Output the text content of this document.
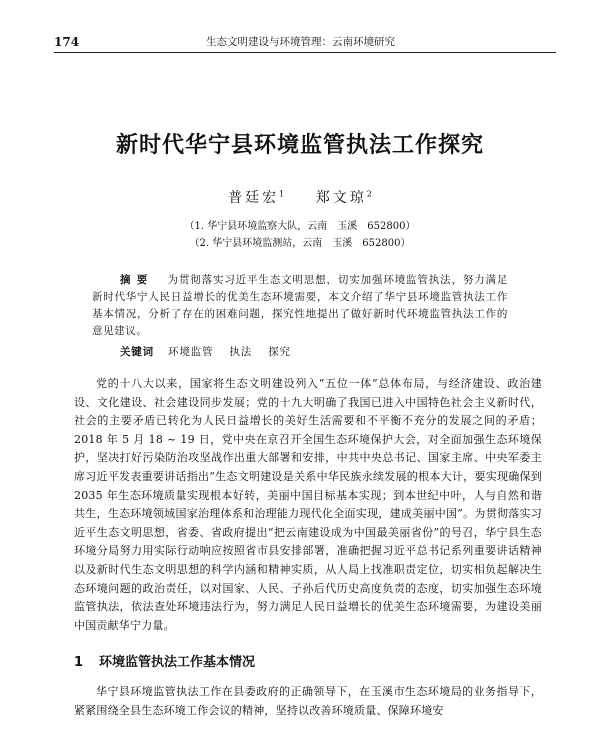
174	生态文明建设与环境管理：云南环境研究
新时代华宁县环境监管执法工作探究
普廷宏$^1$ 郑文琼$^2$
（1. 华宁县环境监察大队，云南　玉溪　652800）
（2. 华宁县环境监测站，云南　玉溪　652800）
摘要 为贯彻落实习近平生态文明思想，切实加强环境监管执法，努力满足新时代华宁人民日益增长的优美生态环境需要，本文介绍了华宁县环境监管执法工作基本情况，分析了存在的困难问题，探究性地提出了做好新时代环境监管执法工作的意见建议。
关键词 环境监管 执法 探究
党的十八大以来，国家将生态文明建设列入“五位一体”总体布局，与经济建设、政治建设、文化建设、社会建设同步发展；党的十九大明确了我国已进入中国特色社会主义新时代，社会的主要矛盾已转化为人民日益增长的美好生活需要和不平衡不充分的发展之间的矛盾；2018 年 5 月 18 ~ 19 日，党中央在京召开全国生态环境保护大会，对全面加强生态环境保护，坚决打好污染防治攻坚战作出重大部署和安排，中共中央总书记、国家主席、中央军委主席习近平发表重要讲话指出“生态文明建设是关系中华民族永续发展的根本大计，要实现确保到 2035 年生态环境质量实现根本好转，美丽中国目标基本实现；到本世纪中叶，人与自然和谐共生，生态环境领域国家治理体系和治理能力现代化全面实现，建成美丽中国”。为贯彻落实习近平生态文明思想，省委、省政府提出“把云南建设成为中国最美丽省份”的号召，华宁县生态环境分局努力用实际行动响应按照省市县安排部署，准确把握习近平总书记系列重要讲话精神以及新时代生态文明思想的科学内涵和精神实质，从人局上找准职责定位，切实相负起解决生态环境问题的政治责任，以对国家、人民、子孙后代历史高度负责的态度，切实加强生态环境监管执法，依法查处环境违法行为，努力满足人民日益增长的优美生态环境需要，为建设美丽中国贡献华宁力量。
1 环境监管执法工作基本情况
华宁县环境监管执法工作在县委政府的正确领导下，在玉溪市生态环境局的业务指导下，紧紧围绕全县生态环境工作会议的精神，坚持以改善环境质量、保障环境安
